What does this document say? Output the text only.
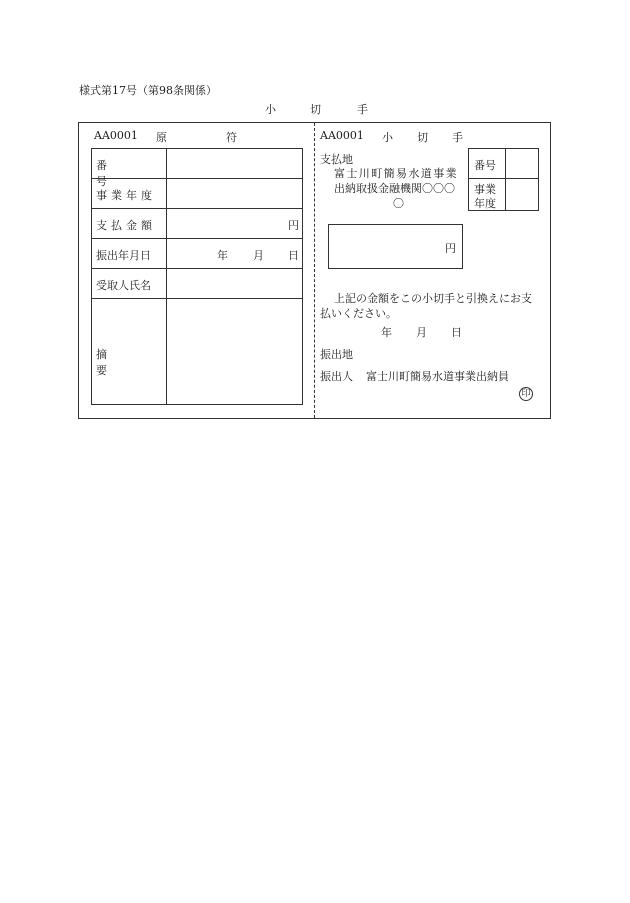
様式第17号（第98条関係）
小	切	手
AA0001 原	符
番号
事業年度
支払金額	円
振出年月日	年 月 日
受取人氏名
摘要
AA0001 小 切 手
支払地
富士川町簡易水道事業
出納取扱金融機関〇〇〇
〇
番号
事業
年度
円
上記の金額をこの小切手と引換えにお支
払いください。
年 月 日
振出地
振出人 富士川町簡易水道事業出納員
印
